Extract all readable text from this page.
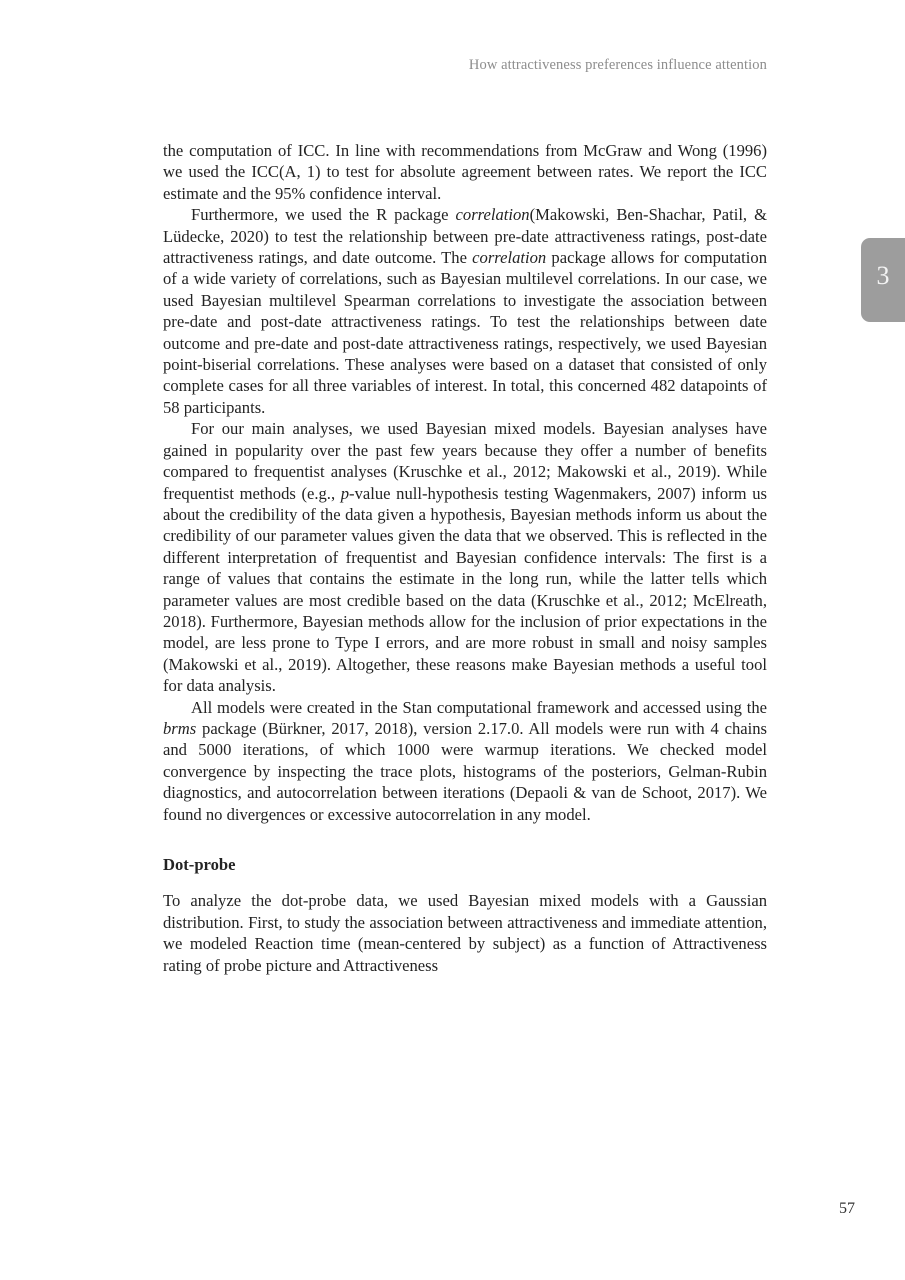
How attractiveness preferences influence attention
3

the computation of ICC. In line with recommendations from McGraw and Wong (1996) we used the ICC(A, 1) to test for absolute agreement between rates. We report the ICC estimate and the 95% confidence interval.

Furthermore, we used the R package correlation(Makowski, Ben-Shachar, Patil, & Lüdecke, 2020) to test the relationship between pre-date attractiveness ratings, post-date attractiveness ratings, and date outcome. The correlation package allows for computation of a wide variety of correlations, such as Bayesian multilevel correlations. In our case, we used Bayesian multilevel Spearman correlations to investigate the association between pre-date and post-date attractiveness ratings. To test the relationships between date outcome and pre-date and post-date attractiveness ratings, respectively, we used Bayesian point-biserial correlations. These analyses were based on a dataset that consisted of only complete cases for all three variables of interest. In total, this concerned 482 datapoints of 58 participants.

For our main analyses, we used Bayesian mixed models. Bayesian analyses have gained in popularity over the past few years because they offer a number of benefits compared to frequentist analyses (Kruschke et al., 2012; Makowski et al., 2019). While frequentist methods (e.g., p-value null-hypothesis testing Wagenmakers, 2007) inform us about the credibility of the data given a hypothesis, Bayesian methods inform us about the credibility of our parameter values given the data that we observed. This is reflected in the different interpretation of frequentist and Bayesian confidence intervals: The first is a range of values that contains the estimate in the long run, while the latter tells which parameter values are most credible based on the data (Kruschke et al., 2012; McElreath, 2018). Furthermore, Bayesian methods allow for the inclusion of prior expectations in the model, are less prone to Type I errors, and are more robust in small and noisy samples (Makowski et al., 2019). Altogether, these reasons make Bayesian methods a useful tool for data analysis.

All models were created in the Stan computational framework and accessed using the brms package (Bürkner, 2017, 2018), version 2.17.0. All models were run with 4 chains and 5000 iterations, of which 1000 were warmup iterations. We checked model convergence by inspecting the trace plots, histograms of the posteriors, Gelman-Rubin diagnostics, and autocorrelation between iterations (Depaoli & van de Schoot, 2017). We found no divergences or excessive autocorrelation in any model.

Dot-probe

To analyze the dot-probe data, we used Bayesian mixed models with a Gaussian distribution. First, to study the association between attractiveness and immediate attention, we modeled Reaction time (mean-centered by subject) as a function of Attractiveness rating of probe picture and Attractiveness

57
